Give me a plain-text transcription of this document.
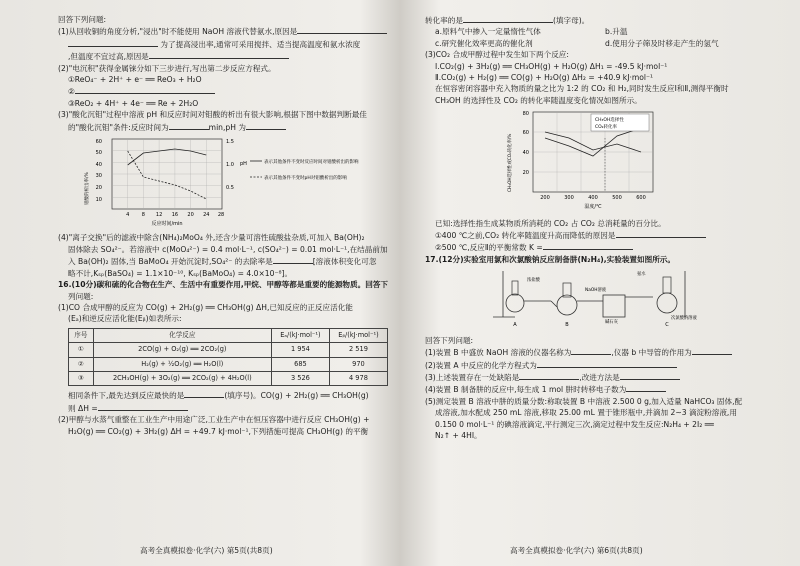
回答下列问题:
(1)从回收铜的角度分析,"浸出"时不能使用 NaOH 溶液代替氨水,原因是
为了提高浸出率,通常可采用搅拌、适当提高温度和氨水浓度
,但温度不宜过高,原因是
(2)"电沉积"获得金属铼分如下三步进行,写出第二步反应方程式。
①ReO₄⁻ + 2H⁺ + e⁻ ══ ReO₃ + H₂O
②
③ReO₂ + 4H⁺ + 4e⁻ ══ Re + 2H₂O
(3)"酸化沉钼"过程中溶液 pH 和反应时间对钼酸的析出有很大影响,根据下图中数据判断最佳
的"酸化沉钼"条件:反应时间为	min,pH 为
10
20
30
40
50
60
0.5
1.0
1.5
4	8 12 16 20 24 28
反应时间/min
钼酸的析出率/%
pH	表示其他条件不变时反应时间对钼酸析出的影响
表示其他条件不变时pH对钼酸析出的影响
(4)"离子交换"后的滤液中除含(NH₄)₂MoO₄ 外,还含少量可溶性硫酸盐杂质,可加入 Ba(OH)₂
固体除去 SO₄²⁻。若溶液中 c(MoO₄²⁻) = 0.4 mol·L⁻¹, c(SO₄²⁻) = 0.01 mol·L⁻¹,在结晶前加
入 Ba(OH)₂ 固体,当 BaMoO₄ 开始沉淀时,SO₄²⁻ 的去除率是	[溶液体积变化可忽
略不计,Kₛₚ(BaSO₄) = 1.1×10⁻¹⁰, Kₛₚ(BaMoO₄) = 4.0×10⁻⁸]。
16.(10分)碳和硫的化合物在生产、生活中有重要作用,甲烷、甲醇等都是重要的能源物质。回答下
列问题:
(1)CO 合成甲醇的反应为 CO(g) + 2H₂(g) ══ CH₃OH(g) ΔH,已知反应的正反应活化能
(Eₐ)和逆反应活化能(Eᵦ)如表所示:
序号	化学反应	Eₐ/(kJ·mol⁻¹)	Eᵦ/(kJ·mol⁻¹)
①	2CO(g) + O₂(g) ══ 2CO₂(g)	1 954	2 519
②	H₂(g) + ½O₂(g) ══ H₂O(l)	685	970
③	2CH₃OH(g) + 3O₂(g) ══ 2CO₂(g) + 4H₂O(l)	3 526	4 978
相同条件下,最先达到反应最快的是	(填序号)。CO(g) + 2H₂(g) ══ CH₃OH(g)
则 ΔH =
(2)甲醇与水蒸气重整在工业生产中用途广泛,工业生产中在恒压容器中进行反应 CH₃OH(g) +
H₂O(g) ══ CO₂(g) + 3H₂(g) ΔH = +49.7 kJ·mol⁻¹,下列措施可提高 CH₃OH(g) 的平衡
高考全真模拟卷·化学(六) 第5页(共8页)
转化率的是	(填字母)。
a.原料气中掺入一定量惰性气体	b.升温
c.研究催化效率更高的催化剂	d.使用分子筛及时移走产生的氢气
(3)CO₂ 合成甲醇过程中发生如下两个反应:
Ⅰ.CO₂(g) + 3H₂(g) ══ CH₃OH(g) + H₂O(g) ΔH₁ = -49.5 kJ·mol⁻¹
Ⅱ.CO₂(g) + H₂(g) ══ CO(g) + H₂O(g) ΔH₂ = +40.9 kJ·mol⁻¹
在恒容密闭容器中充入物质的量之比为 1:2 的 CO₂ 和 H₂,同时发生反应Ⅰ和Ⅱ,测得平衡时
CH₃OH 的选择性及 CO₂ 的转化率随温度变化情况如图所示。
CH₃OH选择性
CO₂转化率
20
40
60
80
200	300	400	500	600
温度/℃
CH₃OH选择性或CO₂转化率/%
已知:选择性指生成某物质所消耗的 CO₂ 占 CO₂ 总消耗量的百分比。
①400 ℃之前,CO₂ 转化率随温度升高而降低的原因是
②500 ℃,反应Ⅱ的平衡常数 K =
17.(12分)实验室用氯和次氯酸钠反应制备肼(N₂H₄),实验装置如图所示。
A	B	C
NaOH溶液
碱石灰
氨水
浓盐酸
次氯酸钠溶液
回答下列问题:
(1)装置 B 中盛放 NaOH 溶液的仪器名称为	,仪器 b 中导管的作用为
(2)装置 A 中反应的化学方程式为
(3)上述装置存在一处缺陷是	,改进方法是
(4)装置 B 制备肼的反应中,每生成 1 mol 肼时转移电子数为
(5)测定装置 B 溶液中肼的质量分数:称取装置 B 中溶液 2.500 0 g,加入适量 NaHCO₃ 固体,配
成溶液,加水配成 250 mL 溶液,移取 25.00 mL 置于锥形瓶中,并滴加 2~3 滴淀粉溶液,用
0.150 0 mol·L⁻¹ 的碘溶液滴定,平行测定三次,滴定过程中发生反应:N₂H₄ + 2I₂ ══
N₂↑ + 4HI。
高考全真模拟卷·化学(六) 第6页(共8页)
